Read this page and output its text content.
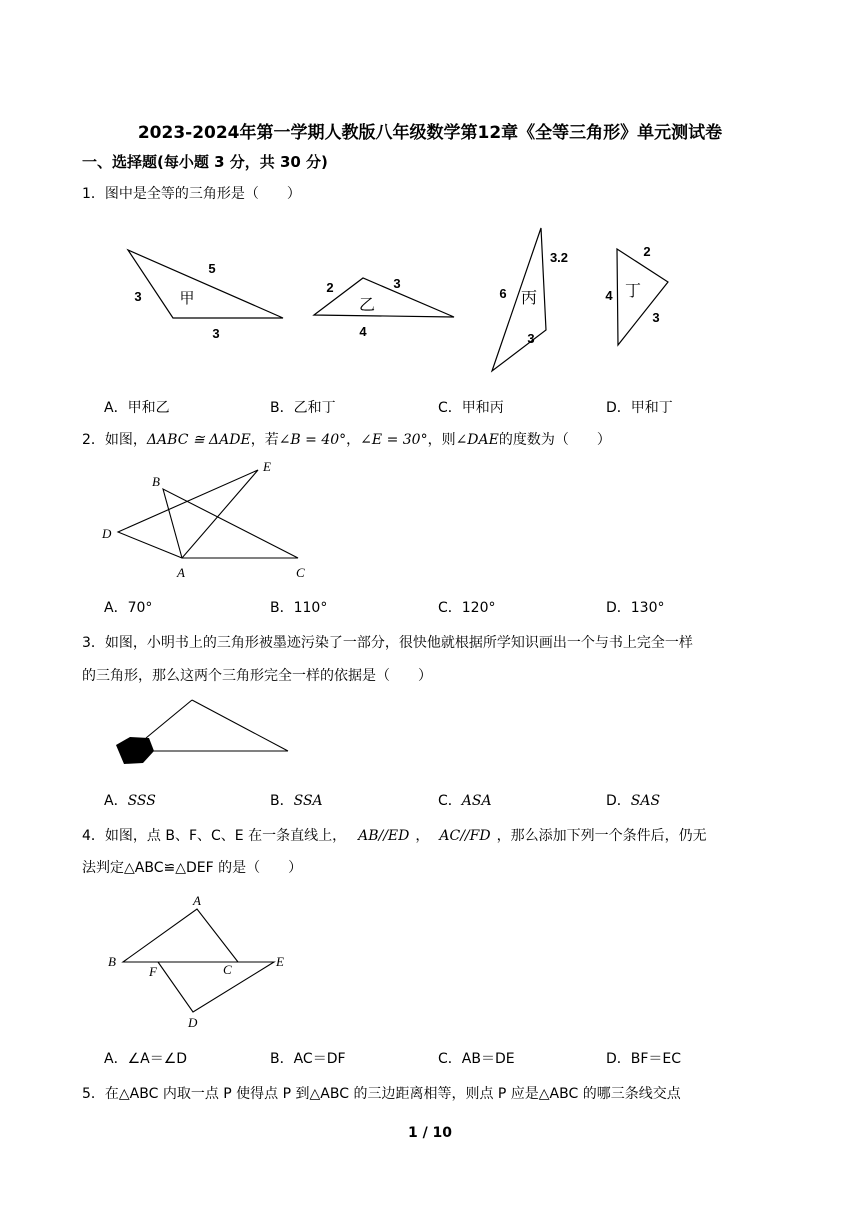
2023-2024年第一学期人教版八年级数学第12章《全等三角形》单元测试卷
一、选择题(每小题 3 分，共 30 分)
1．图中是全等的三角形是（　　）
5
3
3
甲
2	3
4
乙
3.2
6
3
丙
2
4
3
丁
A．甲和乙	B．乙和丁	C．甲和丙	D．甲和丁
2．如图，ΔABC ≅ ΔADE，若∠B = 40°，∠E = 30°，则∠DAE的度数为（　　）
B
E
D
A	C
A．70°	B．110°	C．120°	D．130°
3．如图，小明书上的三角形被墨迹污染了一部分，很快他就根据所学知识画出一个与书上完全一样
的三角形，那么这两个三角形完全一样的依据是（　　）
A．SSS	B．SSA	C．ASA	D．SAS
4．如图，点 B、F、C、E 在一条直线上， AB//ED ， AC//FD ，那么添加下列一个条件后，仍无
法判定△ABC≌△DEF 的是（　　）
A
B
F	C
E
D
A．∠A＝∠D	B．AC＝DF	C．AB＝DE	D．BF＝EC
5．在△ABC 内取一点 P 使得点 P 到△ABC 的三边距离相等，则点 P 应是△ABC 的哪三条线交点
1 / 10
